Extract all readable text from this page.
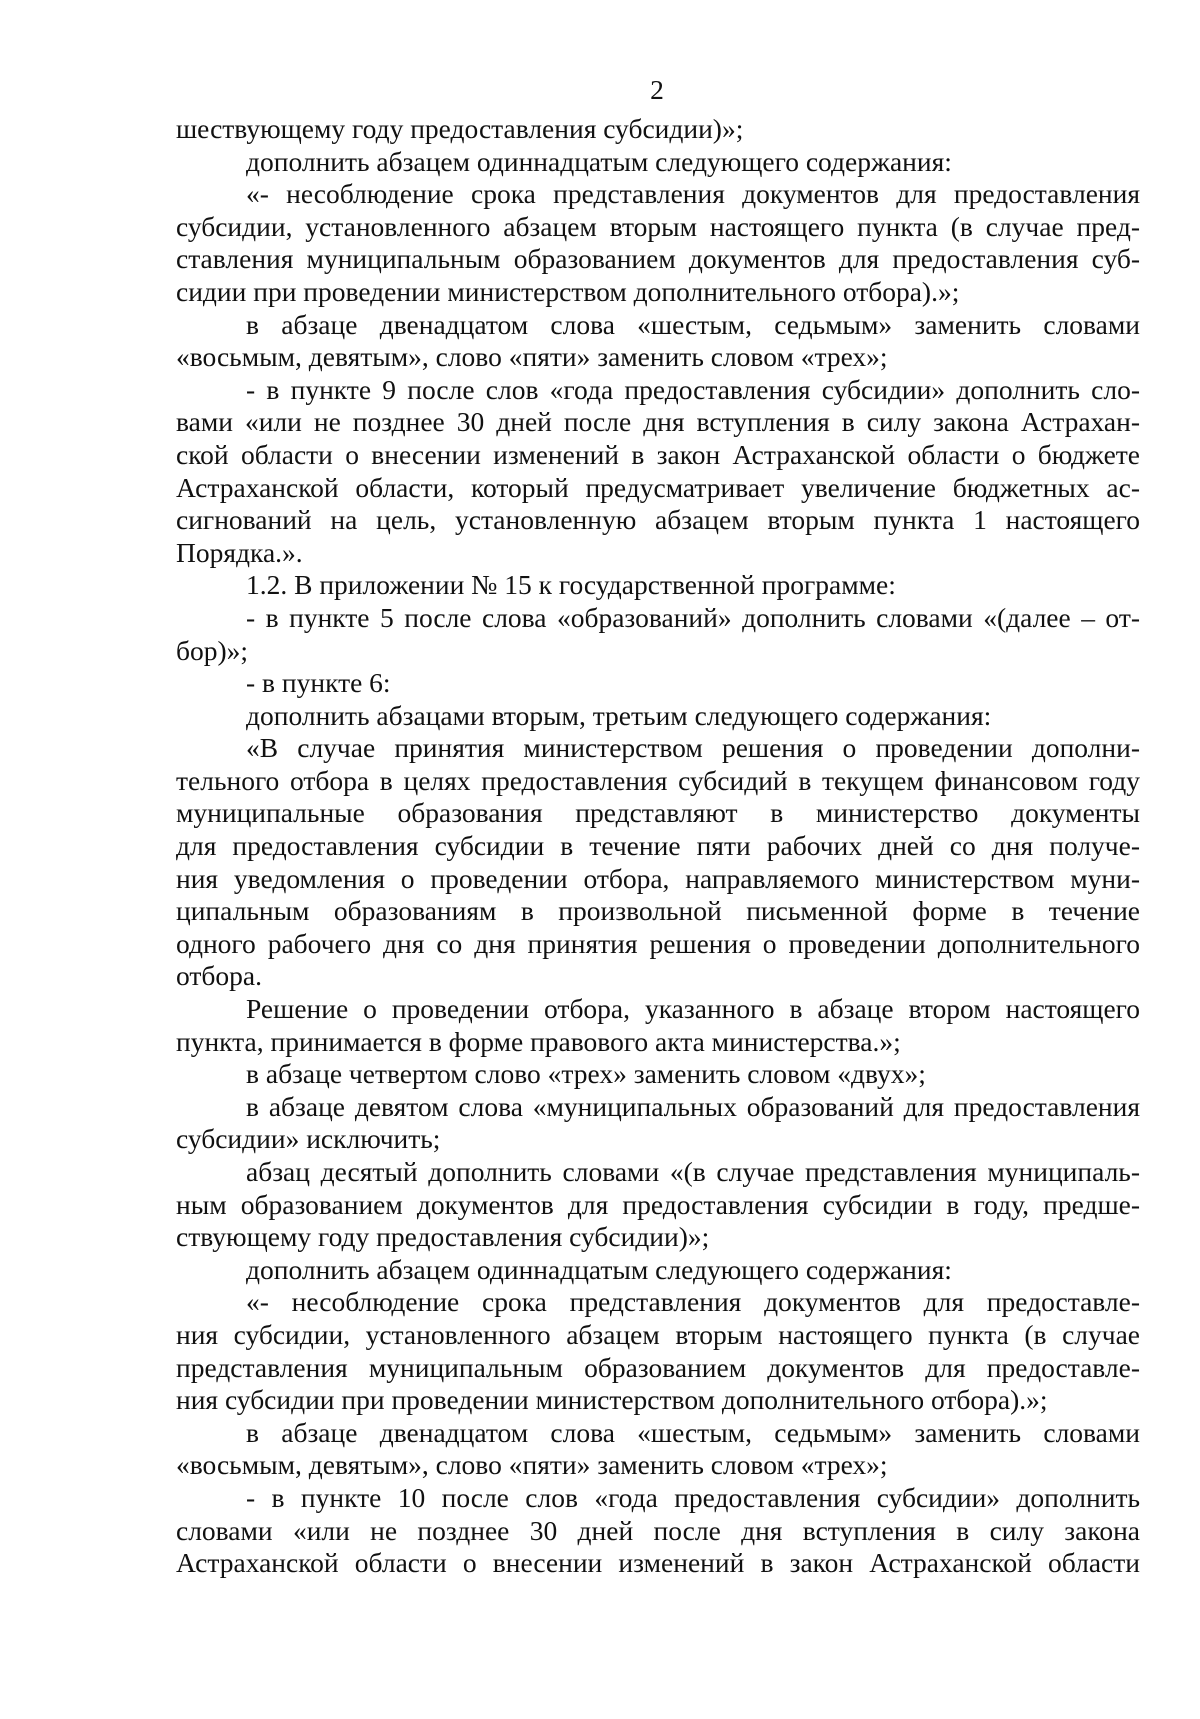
2
шествующему году предоставления субсидии)»;
дополнить абзацем одиннадцатым следующего содержания:
«- несоблюдение срока представления документов для предоставления
субсидии, установленного абзацем вторым настоящего пункта (в случае пред-
ставления муниципальным образованием документов для предоставления суб-
сидии при проведении министерством дополнительного отбора).»;
в абзаце двенадцатом слова «шестым, седьмым» заменить словами
«восьмым, девятым», слово «пяти» заменить словом «трех»;
- в пункте 9 после слов «года предоставления субсидии» дополнить сло-
вами «или не позднее 30 дней после дня вступления в силу закона Астрахан-
ской области о внесении изменений в закон Астраханской области о бюджете
Астраханской области, который предусматривает увеличение бюджетных ас-
сигнований на цель, установленную абзацем вторым пункта 1 настоящего
Порядка.».
1.2. В приложении № 15 к государственной программе:
- в пункте 5 после слова «образований» дополнить словами «(далее – от-
бор)»;
- в пункте 6:
дополнить абзацами вторым, третьим следующего содержания:
«В случае принятия министерством решения о проведении дополни-
тельного отбора в целях предоставления субсидий в текущем финансовом году
муниципальные образования представляют в министерство документы
для предоставления субсидии в течение пяти рабочих дней со дня получе-
ния уведомления о проведении отбора, направляемого министерством муни-
ципальным образованиям в произвольной письменной форме в течение
одного рабочего дня со дня принятия решения о проведении дополнительного
отбора.
Решение о проведении отбора, указанного в абзаце втором настоящего
пункта, принимается в форме правового акта министерства.»;
в абзаце четвертом слово «трех» заменить словом «двух»;
в абзаце девятом слова «муниципальных образований для предоставления
субсидии» исключить;
абзац десятый дополнить словами «(в случае представления муниципаль-
ным образованием документов для предоставления субсидии в году, предше-
ствующему году предоставления субсидии)»;
дополнить абзацем одиннадцатым следующего содержания:
«- несоблюдение срока представления документов для предоставле-
ния субсидии, установленного абзацем вторым настоящего пункта (в случае
представления муниципальным образованием документов для предоставле-
ния субсидии при проведении министерством дополнительного отбора).»;
в абзаце двенадцатом слова «шестым, седьмым» заменить словами
«восьмым, девятым», слово «пяти» заменить словом «трех»;
- в пункте 10 после слов «года предоставления субсидии» дополнить
словами «или не позднее 30 дней после дня вступления в силу закона
Астраханской области о внесении изменений в закон Астраханской области
